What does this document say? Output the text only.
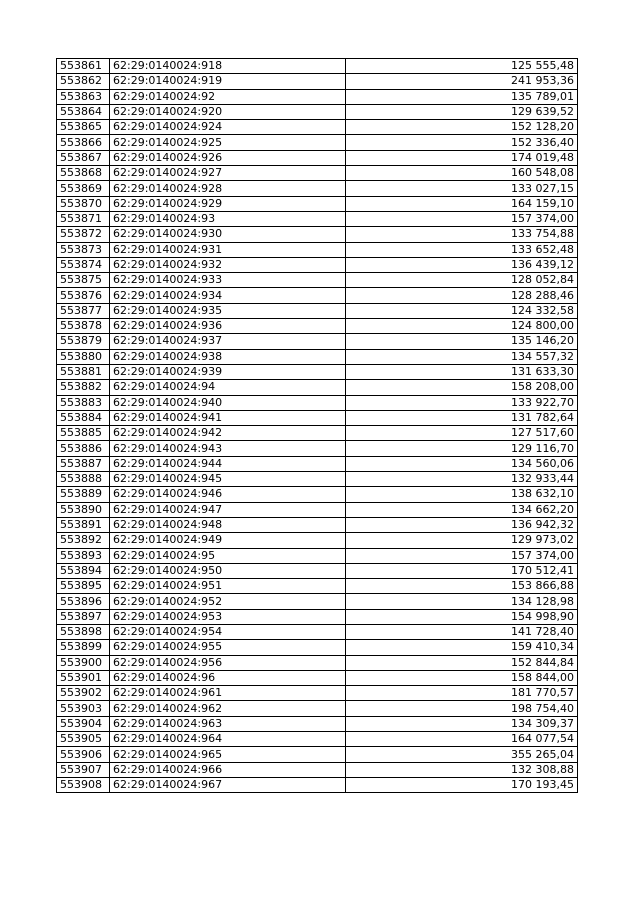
553861	62:29:0140024:918	125 555,48
553862	62:29:0140024:919	241 953,36
553863	62:29:0140024:92	135 789,01
553864	62:29:0140024:920	129 639,52
553865	62:29:0140024:924	152 128,20
553866	62:29:0140024:925	152 336,40
553867	62:29:0140024:926	174 019,48
553868	62:29:0140024:927	160 548,08
553869	62:29:0140024:928	133 027,15
553870	62:29:0140024:929	164 159,10
553871	62:29:0140024:93	157 374,00
553872	62:29:0140024:930	133 754,88
553873	62:29:0140024:931	133 652,48
553874	62:29:0140024:932	136 439,12
553875	62:29:0140024:933	128 052,84
553876	62:29:0140024:934	128 288,46
553877	62:29:0140024:935	124 332,58
553878	62:29:0140024:936	124 800,00
553879	62:29:0140024:937	135 146,20
553880	62:29:0140024:938	134 557,32
553881	62:29:0140024:939	131 633,30
553882	62:29:0140024:94	158 208,00
553883	62:29:0140024:940	133 922,70
553884	62:29:0140024:941	131 782,64
553885	62:29:0140024:942	127 517,60
553886	62:29:0140024:943	129 116,70
553887	62:29:0140024:944	134 560,06
553888	62:29:0140024:945	132 933,44
553889	62:29:0140024:946	138 632,10
553890	62:29:0140024:947	134 662,20
553891	62:29:0140024:948	136 942,32
553892	62:29:0140024:949	129 973,02
553893	62:29:0140024:95	157 374,00
553894	62:29:0140024:950	170 512,41
553895	62:29:0140024:951	153 866,88
553896	62:29:0140024:952	134 128,98
553897	62:29:0140024:953	154 998,90
553898	62:29:0140024:954	141 728,40
553899	62:29:0140024:955	159 410,34
553900	62:29:0140024:956	152 844,84
553901	62:29:0140024:96	158 844,00
553902	62:29:0140024:961	181 770,57
553903	62:29:0140024:962	198 754,40
553904	62:29:0140024:963	134 309,37
553905	62:29:0140024:964	164 077,54
553906	62:29:0140024:965	355 265,04
553907	62:29:0140024:966	132 308,88
553908	62:29:0140024:967	170 193,45
